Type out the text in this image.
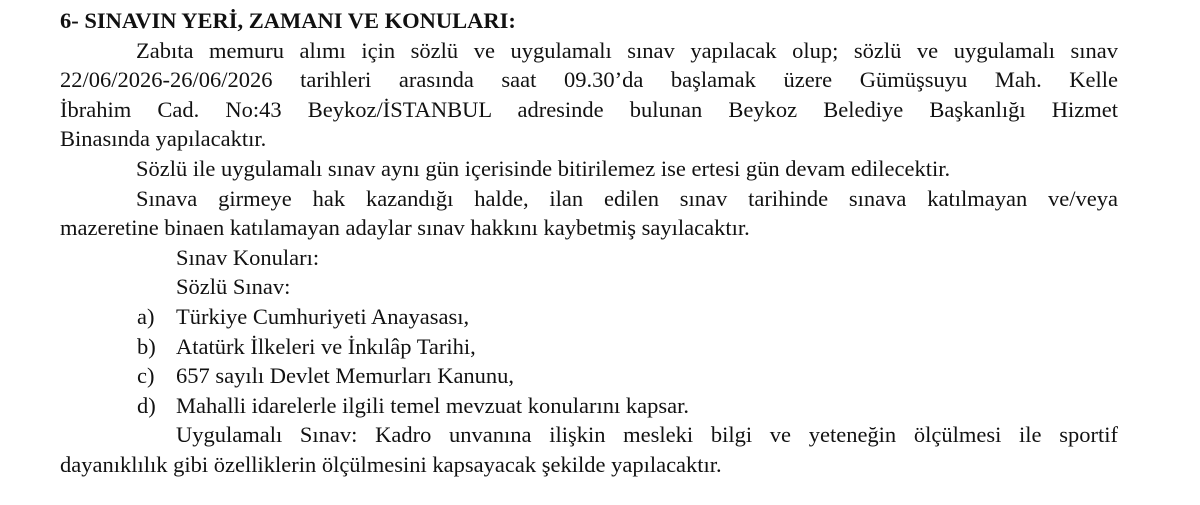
6- SINAVIN YERİ, ZAMANI VE KONULARI:
Zabıta memuru alımı için sözlü ve uygulamalı sınav yapılacak olup; sözlü ve uygulamalı sınav
22/06/2026-26/06/2026 tarihleri arasında saat 09.30’da başlamak üzere Gümüşsuyu Mah. Kelle
İbrahim Cad. No:43 Beykoz/İSTANBUL adresinde bulunan Beykoz Belediye Başkanlığı Hizmet
Binasında yapılacaktır.
Sözlü ile uygulamalı sınav aynı gün içerisinde bitirilemez ise ertesi gün devam edilecektir.
Sınava girmeye hak kazandığı halde, ilan edilen sınav tarihinde sınava katılmayan ve/veya
mazeretine binaen katılamayan adaylar sınav hakkını kaybetmiş sayılacaktır.
Sınav Konuları:
Sözlü Sınav:
a) Türkiye Cumhuriyeti Anayasası,
b) Atatürk İlkeleri ve İnkılâp Tarihi,
c) 657 sayılı Devlet Memurları Kanunu,
d) Mahalli idarelerle ilgili temel mevzuat konularını kapsar.
Uygulamalı Sınav: Kadro unvanına ilişkin mesleki bilgi ve yeteneğin ölçülmesi ile sportif
dayanıklılık gibi özelliklerin ölçülmesini kapsayacak şekilde yapılacaktır.
